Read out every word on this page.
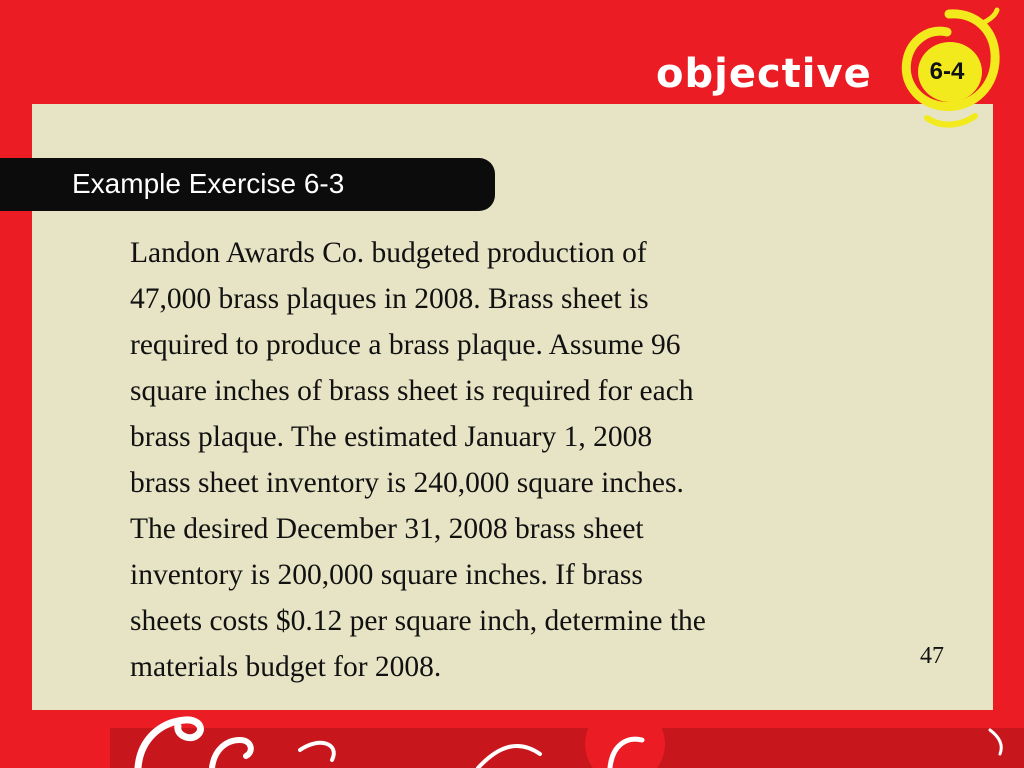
Example Exercise 6-3

Landon Awards Co. budgeted production of
47,000 brass plaques in 2008. Brass sheet is
required to produce a brass plaque. Assume 96
square inches of brass sheet is required for each
brass plaque. The estimated January 1, 2008
brass sheet inventory is 240,000 square inches.
The desired December 31, 2008 brass sheet
inventory is 200,000 square inches. If brass
sheets costs $0.12 per square inch, determine the
materials budget for 2008.	47
objective	6-4
